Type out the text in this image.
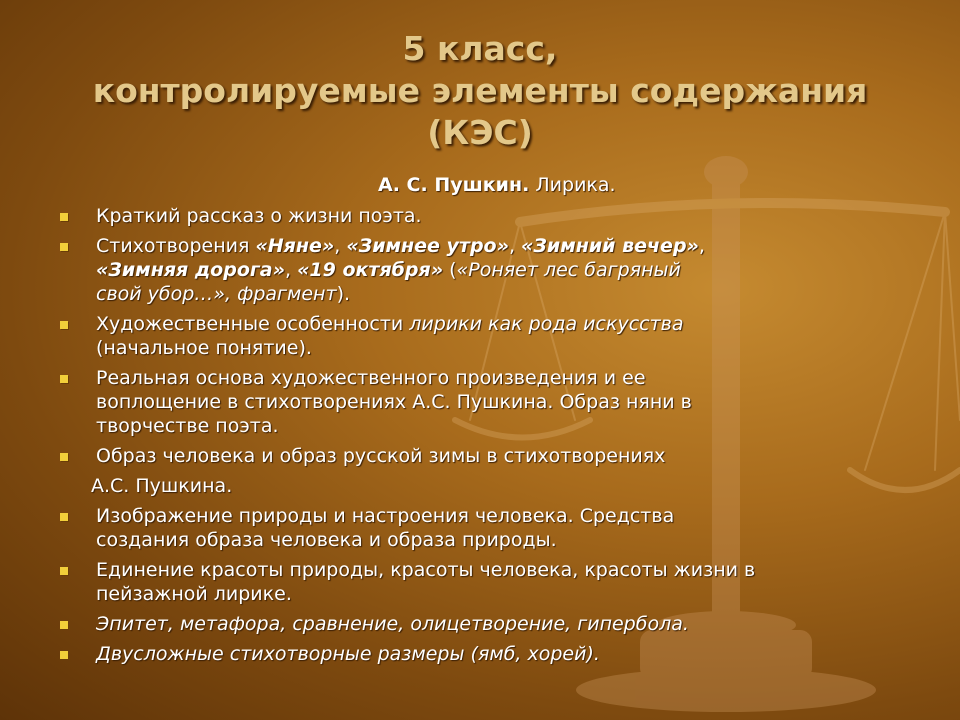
5 класс,
контролируемые элементы содержания
(КЭС)
А. С. Пушкин. Лирика.
Краткий рассказ о жизни поэта.
Стихотворения «Няне», «Зимнее утро», «Зимний вечер»,
«Зимняя дорога», «19 октября» («Роняет лес багряный
свой убор…», фрагмент).
Художественные особенности лирики как рода искусства
(начальное понятие).
Реальная основа художественного произведения и ее
воплощение в стихотворениях А.С. Пушкина. Образ няни в
творчестве поэта.
Образ человека и образ русской зимы в стихотворениях
А.С. Пушкина.
Изображение природы и настроения человека. Средства
создания образа человека и образа природы.
Единение красоты природы, красоты человека, красоты жизни в
пейзажной лирике.
Эпитет, метафора, сравнение, олицетворение, гипербола.
Двусложные стихотворные размеры (ямб, хорей).
